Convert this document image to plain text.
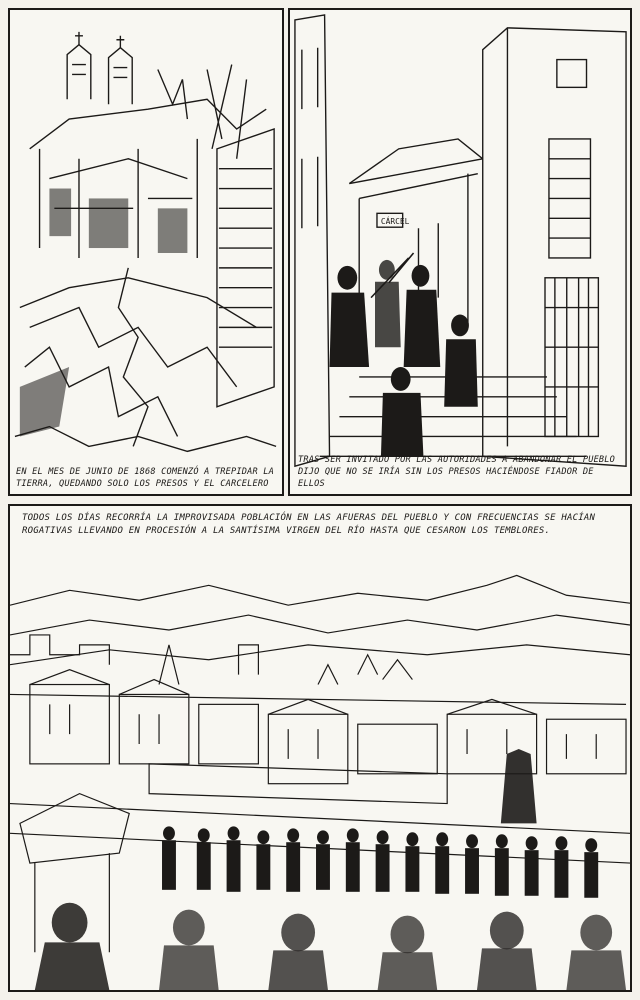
EN EL MES DE JUNIO DE 1868 COMENZÓ A TREPIDAR LA TIERRA, QUEDANDO SOLO LOS PRESOS Y EL CARCELERO

CÁRCEL

TRAS SER INVITADO POR LAS AUTORIDADES A ABANDONAR EL PUEBLO DIJO QUE NO SE IRÍA SIN LOS PRESOS HACIÉNDOSE FIADOR DE ELLOS

TODOS LOS DÍAS RECORRÍA LA IMPROVISADA POBLACIÓN EN LAS AFUERAS DEL PUEBLO Y CON FRECUENCIAS SE HACÍAN ROGATIVAS LLEVANDO EN PROCESIÓN A LA SANTÍSIMA VIRGEN DEL RÍO HASTA QUE CESARON LOS TEMBLORES.
